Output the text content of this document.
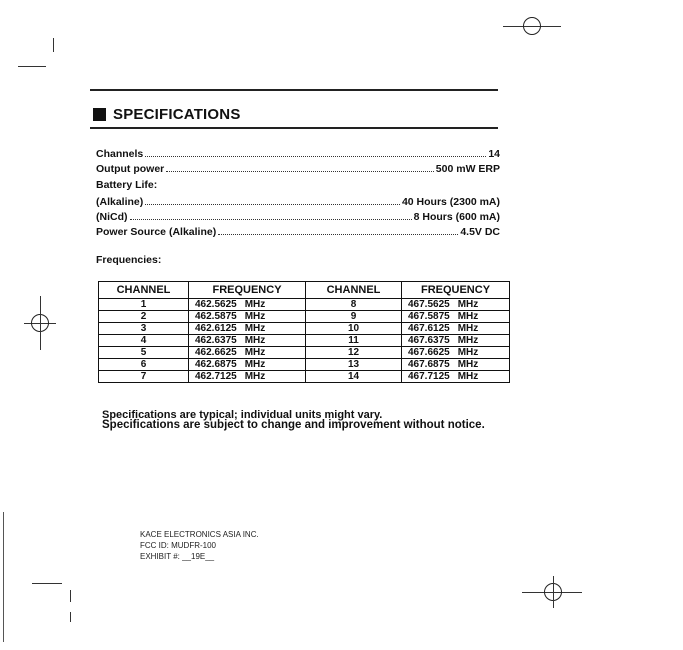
SPECIFICATIONS
Channels	14
Output power	500 mW ERP
Battery Life:
(Alkaline)	40 Hours (2300 mA)
(NiCd)	8 Hours (600 mA)
Power Source (Alkaline)	4.5V DC
Frequencies:
CHANNEL	FREQUENCY	CHANNEL	FREQUENCY
1	462.5625 MHz	8	467.5625 MHz
2	462.5875 MHz	9	467.5875 MHz
3	462.6125 MHz	10	467.6125 MHz
4	462.6375 MHz	11	467.6375 MHz
5	462.6625 MHz	12	467.6625 MHz
6	462.6875 MHz	13	467.6875 MHz
7	462.7125 MHz	14	467.7125 MHz
Specifications are typical; individual units might vary.
Specifications are subject to change and improvement without notice.
KACE ELECTRONICS ASIA INC.
FCC ID: MUDFR-100
EXHIBIT #: __19E__
